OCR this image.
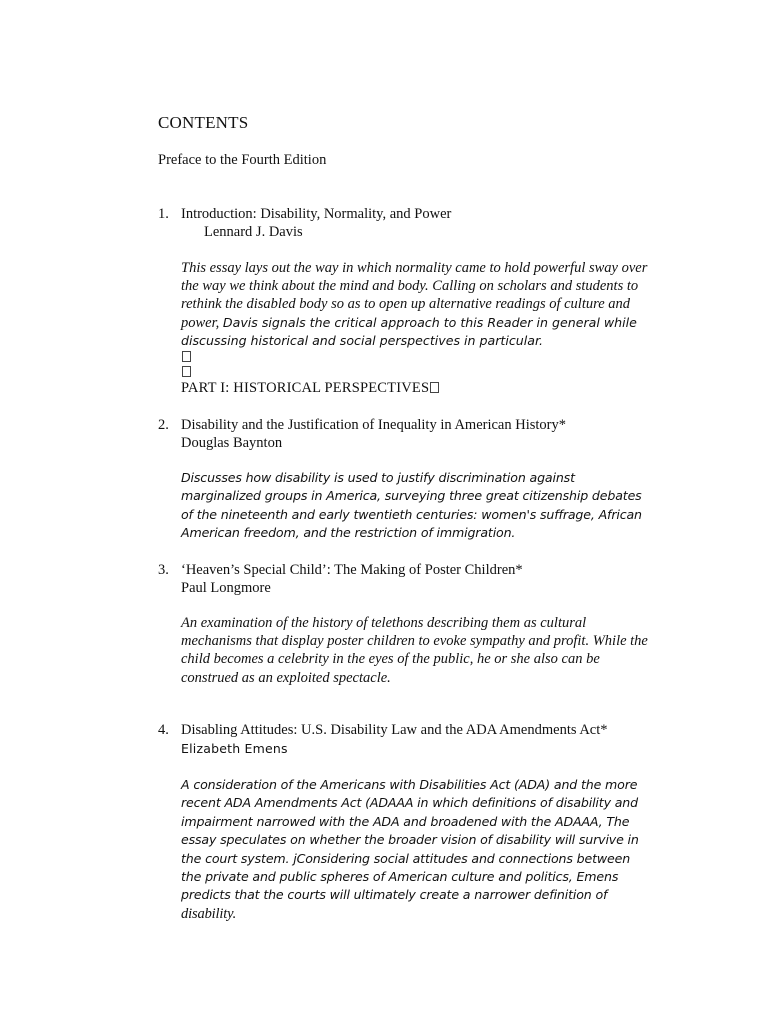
CONTENTS
Preface to the Fourth Edition
1. Introduction: Disability, Normality, and Power
Lennard J. Davis
This essay lays out the way in which normality came to hold powerful sway over the way we think about the mind and body. Calling on scholars and students to rethink the disabled body so as to open up alternative readings of culture and power, Davis signals the critical approach to this Reader in general while discussing historical and social perspectives in particular.
PART I: HISTORICAL PERSPECTIVES
2. Disability and the Justification of Inequality in American History*
Douglas Baynton
Discusses how disability is used to justify discrimination against marginalized groups in America, surveying three great citizenship debates of the nineteenth and early twentieth centuries: women's suffrage, African American freedom, and the restriction of immigration.
3. ‘Heaven’s Special Child’: The Making of Poster Children*
Paul Longmore
An examination of the history of telethons describing them as cultural mechanisms that display poster children to evoke sympathy and profit. While the child becomes a celebrity in the eyes of the public, he or she also can be construed as an exploited spectacle.
4. Disabling Attitudes: U.S. Disability Law and the ADA Amendments Act*
Elizabeth Emens
A consideration of the Americans with Disabilities Act (ADA) and the more recent ADA Amendments Act (ADAAA in which definitions of disability and impairment narrowed with the ADA and broadened with the ADAAA, The essay speculates on whether the broader vision of disability will survive in the court system. jConsidering social attitudes and connections between the private and public spheres of American culture and politics, Emens predicts that the courts will ultimately create a narrower definition of disability.
